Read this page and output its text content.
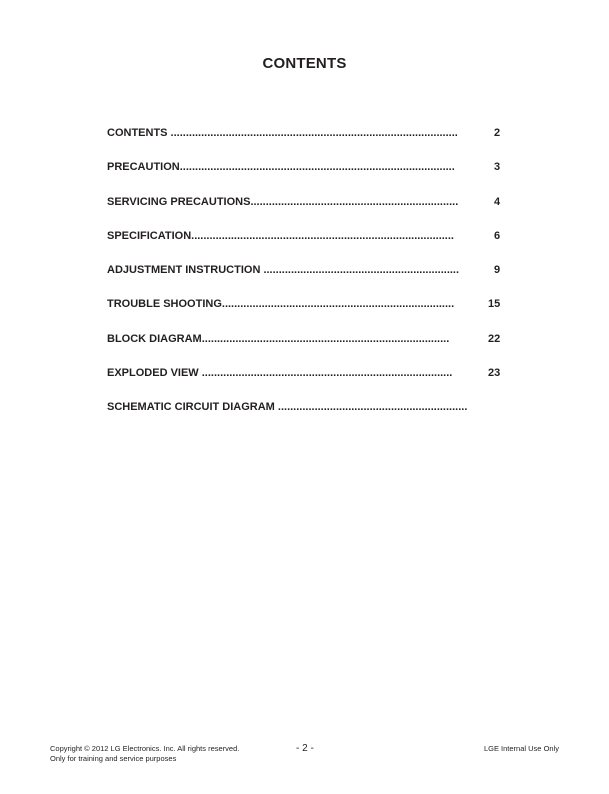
CONTENTS
CONTENTS ..............................................................................................	2
PRECAUTION..........................................................................................	3
SERVICING PRECAUTIONS....................................................................	4
SPECIFICATION......................................................................................	6
ADJUSTMENT INSTRUCTION ................................................................	9
TROUBLE SHOOTING............................................................................	15
BLOCK DIAGRAM.................................................................................	22
EXPLODED VIEW ..................................................................................	23
SCHEMATIC CIRCUIT DIAGRAM ..............................................................
Copyright © 2012 LG Electronics. Inc. All rights reserved.
Only for training and service purposes
- 2 -	LGE Internal Use Only
